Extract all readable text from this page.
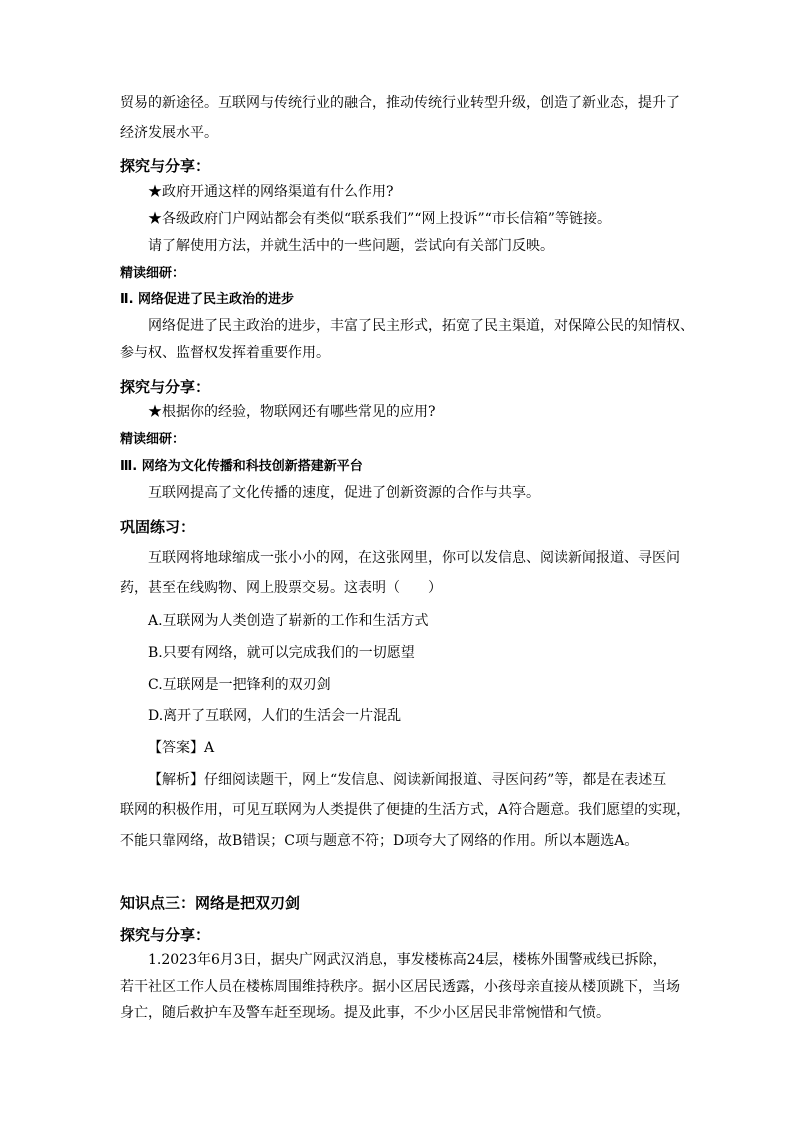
贸易的新途径。互联网与传统行业的融合，推动传统行业转型升级，创造了新业态，提升了
经济发展水平。
探究与分享：
★政府开通这样的网络渠道有什么作用?
★各级政府门户网站都会有类似“联系我们”“网上投诉”“市长信箱”等链接。
请了解使用方法，并就生活中的一些问题，尝试向有关部门反映。
精读细研：
Ⅱ. 网络促进了民主政治的进步
网络促进了民主政治的进步，丰富了民主形式，拓宽了民主渠道，对保障公民的知情权、
参与权、监督权发挥着重要作用。
探究与分享：
★根据你的经验，物联网还有哪些常见的应用?
精读细研：
Ⅲ. 网络为文化传播和科技创新搭建新平台
互联网提高了文化传播的速度，促进了创新资源的合作与共享。
巩固练习：
互联网将地球缩成一张小小的网，在这张网里，你可以发信息、阅读新闻报道、寻医问
药，甚至在线购物、网上股票交易。这表明（　　）
A.互联网为人类创造了崭新的工作和生活方式
B.只要有网络，就可以完成我们的一切愿望
C.互联网是一把锋利的双刃剑
D.离开了互联网，人们的生活会一片混乱
【答案】A
【解析】仔细阅读题干，网上“发信息、阅读新闻报道、寻医问药”等，都是在表述互
联网的积极作用，可见互联网为人类提供了便捷的生活方式，A符合题意。我们愿望的实现，
不能只靠网络，故B错误；C项与题意不符；D项夸大了网络的作用。所以本题选A。
知识点三：网络是把双刃剑
探究与分享：
1.2023年6月3日，据央广网武汉消息，事发楼栋高24层，楼栋外围警戒线已拆除，
若干社区工作人员在楼栋周围维持秩序。据小区居民透露，小孩母亲直接从楼顶跳下，当场
身亡，随后救护车及警车赶至现场。提及此事，不少小区居民非常惋惜和气愤。
